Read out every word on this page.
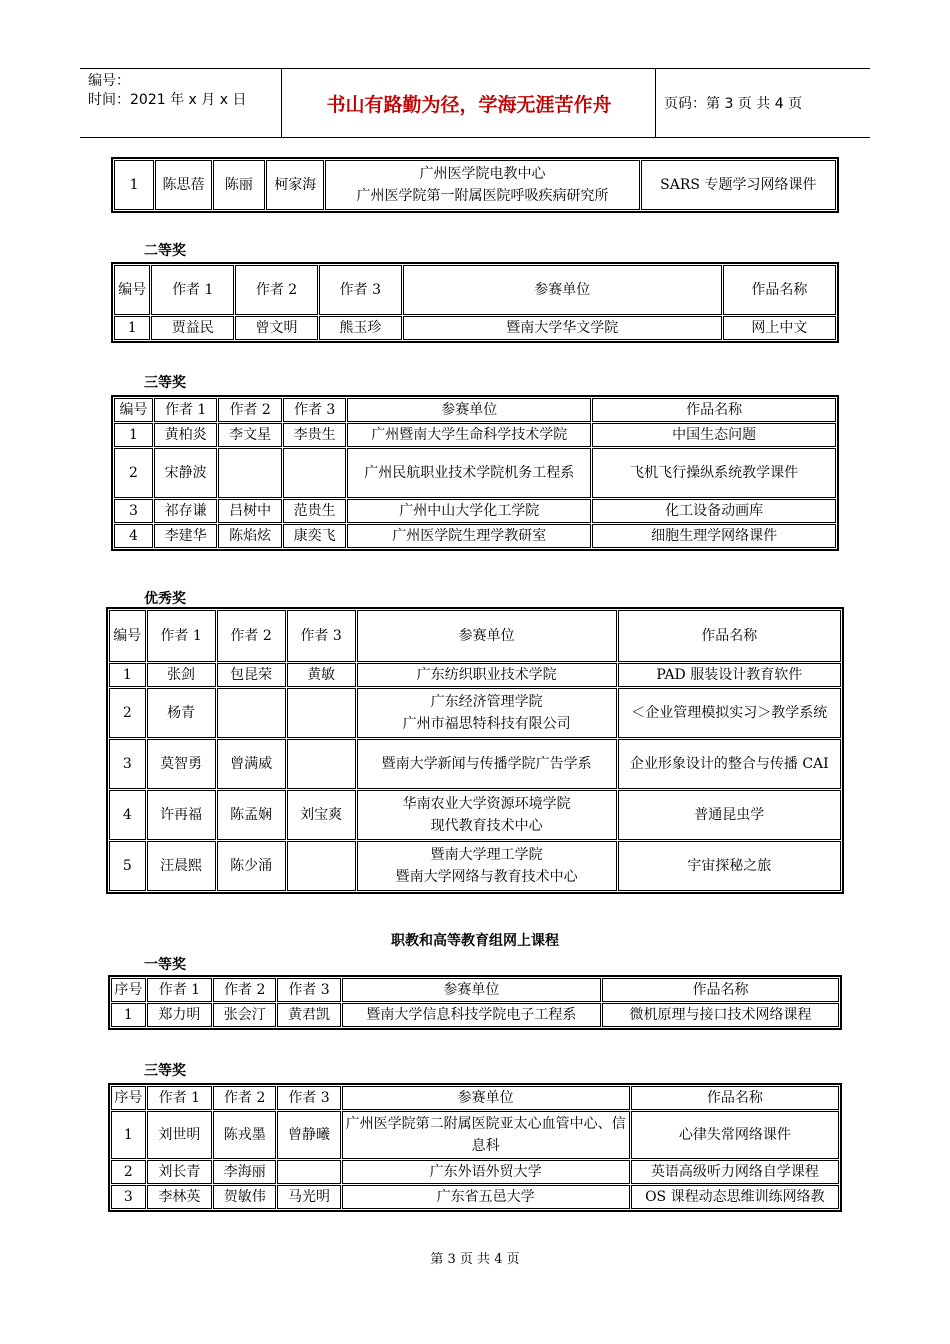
编号：
时间：2021 年 x 月 x 日	书山有路勤为径，学海无涯苦作舟	页码：第 3 页 共 4 页
1	陈思蓓	陈丽	柯家海	广州医学院电教中心
广州医学院第一附属医院呼吸疾病研究所	SARS 专题学习网络课件
二等奖
编号	作者 1	作者 2	作者 3	参赛单位	作品名称
1	贾益民	曾文明	熊玉珍	暨南大学华文学院	网上中文
三等奖
编号	作者 1	作者 2	作者 3	参赛单位	作品名称
1	黄柏炎	李文星	李贵生	广州暨南大学生命科学技术学院	中国生态问题
2	宋静波			广州民航职业技术学院机务工程系	飞机飞行操纵系统教学课件
3	祁存谦	吕树中	范贵生	广州中山大学化工学院	化工设备动画库
4	李建华	陈焰炫	康奕飞	广州医学院生理学教研室	细胞生理学网络课件
优秀奖
编号	作者 1	作者 2	作者 3	参赛单位	作品名称
1	张剑	包昆荣	黄敏	广东纺织职业技术学院	PAD 服装设计教育软件
2	杨青			广东经济管理学院
广州市福思特科技有限公司	＜企业管理模拟实习＞教学系统
3	莫智勇	曾满威		暨南大学新闻与传播学院广告学系	企业形象设计的整合与传播 CAI
4	许再福	陈孟娴	刘宝爽	华南农业大学资源环境学院
现代教育技术中心	普通昆虫学
5	汪晨熙	陈少涌		暨南大学理工学院
暨南大学网络与教育技术中心	宇宙探秘之旅
职教和高等教育组网上课程
一等奖
序号	作者 1	作者 2	作者 3	参赛单位	作品名称
1	郑力明	张会汀	黄君凯	暨南大学信息科技学院电子工程系	微机原理与接口技术网络课程
三等奖
序号	作者 1	作者 2	作者 3	参赛单位	作品名称
1	刘世明	陈戎墨	曾静曦	广州医学院第二附属医院亚太心血管中心、信息科	心律失常网络课件
2	刘长青	李海丽		广东外语外贸大学	英语高级听力网络自学课程
3	李林英	贺敏伟	马光明	广东省五邑大学	OS 课程动态思维训练网络教
第 3 页 共 4 页
